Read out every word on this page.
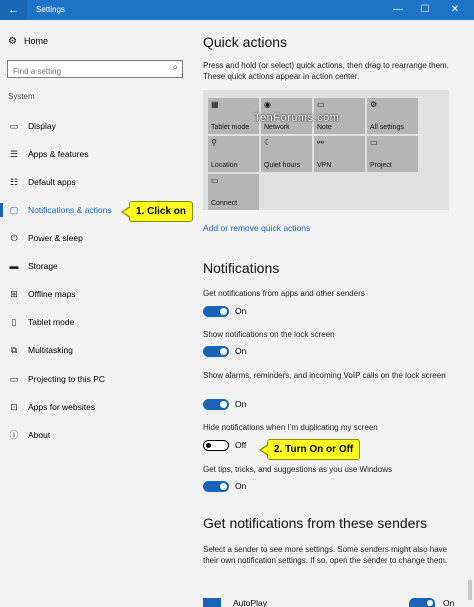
←	Settings	—	☐	✕
⚙ Home
Find a setting
⌕
System
▭ Display
☰ Apps & features
☷ Default apps
▢ Notifications & actions
⏻ Power & sleep
▬ Storage
⊞ Offline maps
▯	Tablet mode
⧉	Multitasking
▭ Projecting to this PC
⊡ Apps for websites
ⓘ About
Quick actions
Press and hold (or select) quick actions, then drag to rearrange them. These quick actions appear in action center.
▦
Tablet mode
◉
Network
▭
Note
⚙
All settings
⚲
Location
☾
Quiet hours
⚯
VPN
▭
Project
▭
Connect
Add or remove quick actions
Notifications
Get notifications from apps and other senders
On
Show notifications on the lock screen
On
Show alarms, reminders, and incoming VoIP calls on the lock screen
On
Hide notifications when I’m duplicating my screen
Off
Get tips, tricks, and suggestions as you use Windows
On
Get notifications from these senders
Select a sender to see more settings. Some senders might also have their own notification settings. If so, open the sender to change them.
AutoPlay	On
1. Click on
2. Turn On or Off
TenForums.com
